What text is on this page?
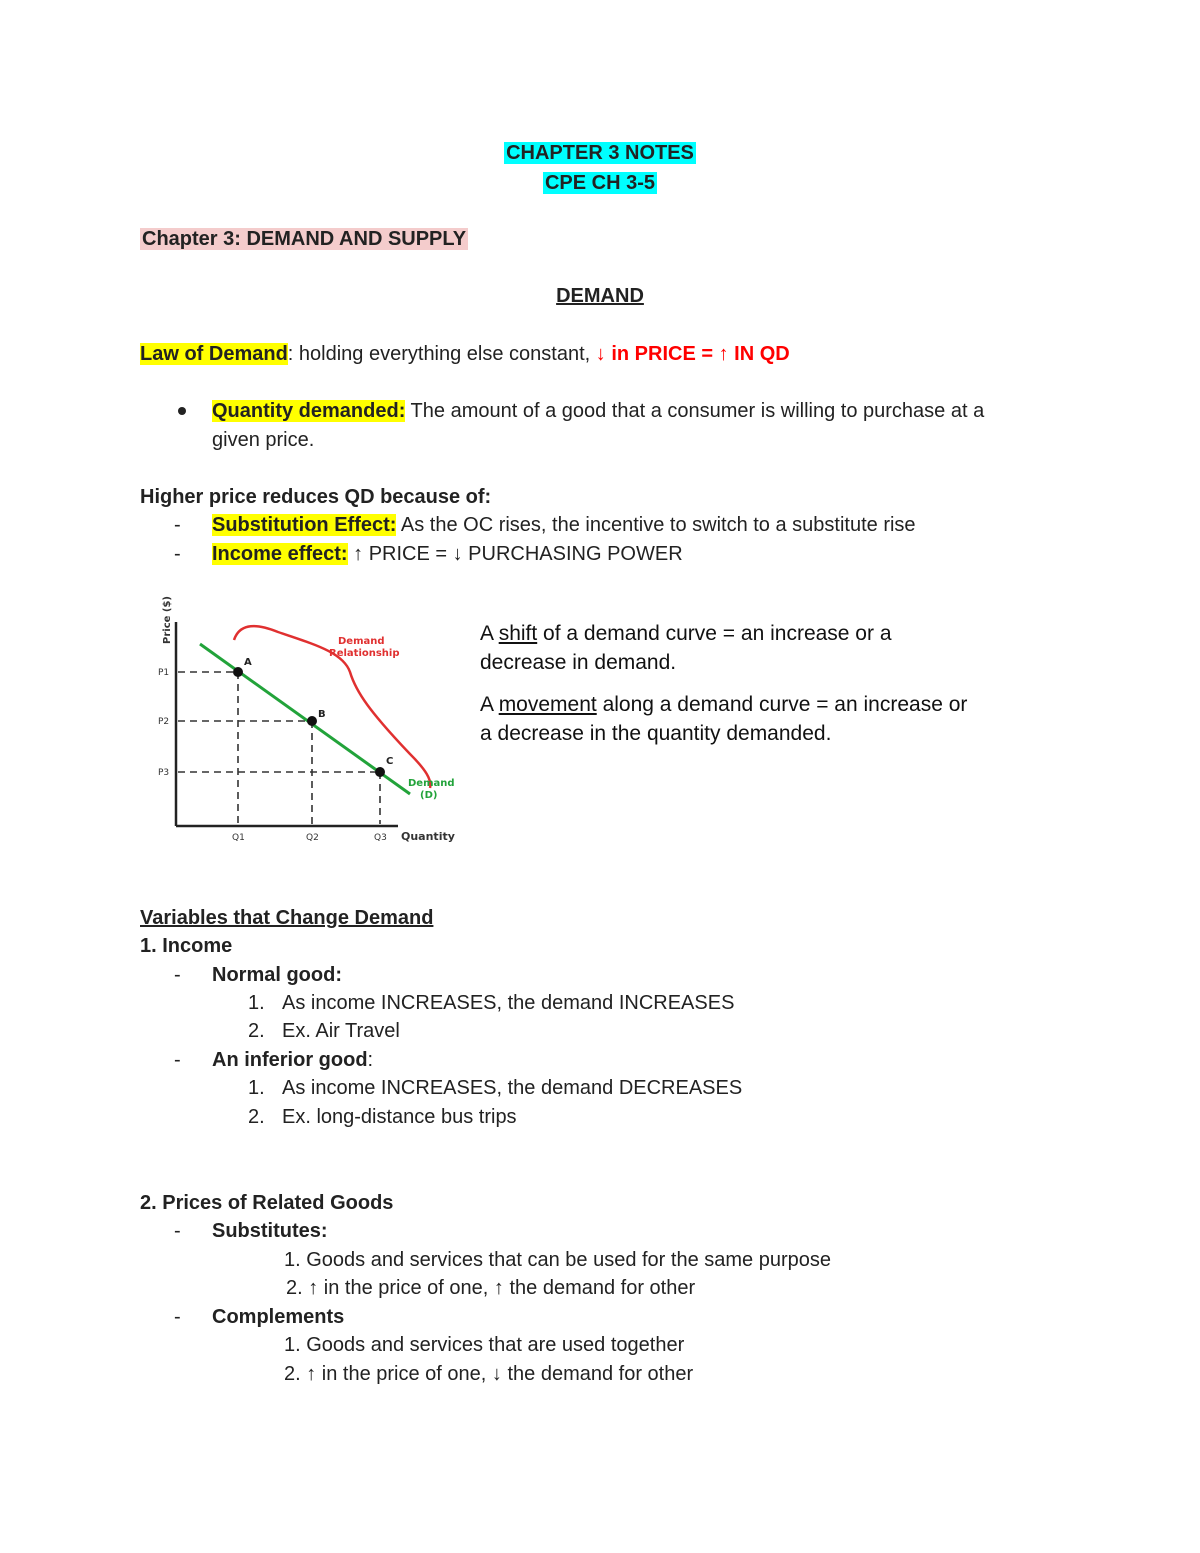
CHAPTER 3 NOTES
CPE CH 3-5
Chapter 3: DEMAND AND SUPPLY
DEMAND
Law of Demand: holding everything else constant, ↓ in PRICE = ↑ IN QD
Quantity demanded: The amount of a good that a consumer is willing to purchase at a
given price.
Higher price reduces QD because of:
- Substitution Effect: As the OC rises, the incentive to switch to a substitute rise
- Income effect: ↑ PRICE = ↓ PURCHASING POWER
Price ($)
Quantity
P1
P2
P3
Q1	Q2	Q3
A
B
C
Demand
Relationship
Demand
(D)
A shift of a demand curve = an increase or a
decrease in demand.
A movement along a demand curve = an increase or
a decrease in the quantity demanded.
Variables that Change Demand
1. Income
- Normal good:
1. As income INCREASES, the demand INCREASES
2. Ex. Air Travel
- An inferior good:
1. As income INCREASES, the demand DECREASES
2. Ex. long-distance bus trips
2. Prices of Related Goods
- Substitutes:
1. Goods and services that can be used for the same purpose
2. ↑ in the price of one, ↑ the demand for other
- Complements
1. Goods and services that are used together
2. ↑ in the price of one, ↓ the demand for other
